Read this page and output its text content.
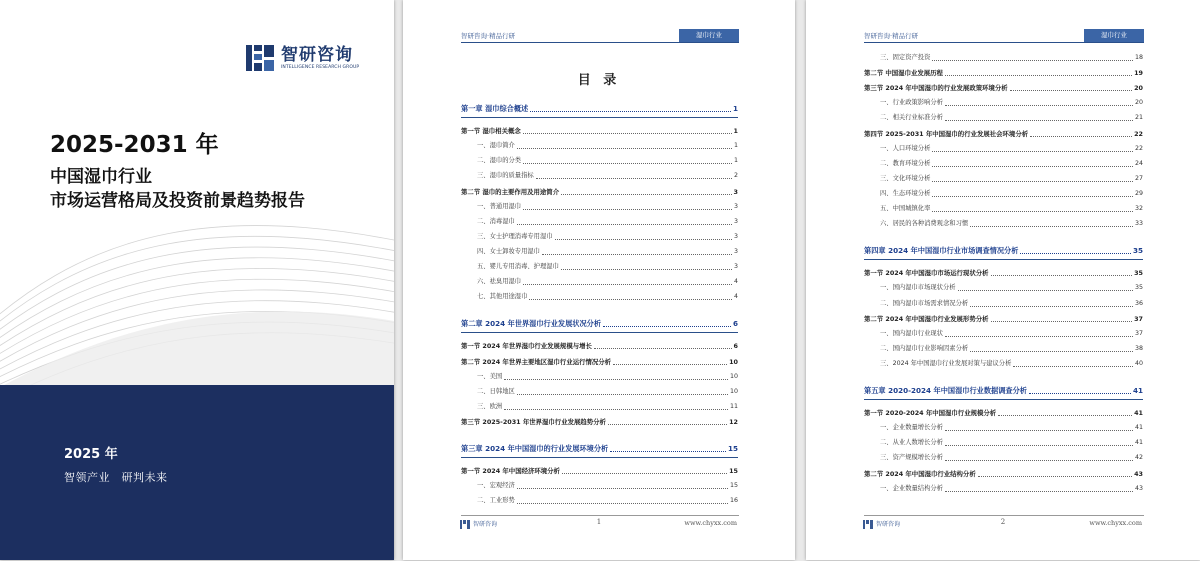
智研咨询
INTELLIGENCE RESEARCH GROUP
2025-2031 年
中国湿巾行业
市场运营格局及投资前景趋势报告
2025 年
智领产业　研判未来
智研咨询·精品行研	湿巾行业
目 录
第一章 湿巾综合概述	1
第一节 湿巾相关概念	1
一、湿巾简介	1
二、湿巾的分类	1
三、湿巾的质量指标	2
第二节 湿巾的主要作用及用途简介	3
一、普通用湿巾	3
二、消毒湿巾	3
三、女士护理消毒专用湿巾	3
四、女士卸妆专用湿巾	3
五、婴儿专用消毒、护理湿巾	3
六、祛臭用湿巾	4
七、其他用途湿巾	4
第二章 2024 年世界湿巾行业发展状况分析	6
第一节 2024 年世界湿巾行业发展规模与增长	6
第二节 2024 年世界主要地区湿巾行业运行情况分析	10
一、美国	10
二、日韩地区	10
三、欧洲	11
第三节 2025-2031 年世界湿巾行业发展趋势分析	12
第三章 2024 年中国湿巾的行业发展环境分析	15
第一节 2024 年中国经济环境分析	15
一、宏观经济	15
二、工业形势	16
智研咨询	1	www.chyxx.com
智研咨询·精品行研	湿巾行业
三、固定资产投资	18
第二节 中国湿巾业发展历程	19
第三节 2024 年中国湿巾的行业发展政策环境分析	20
一、行业政策影响分析	20
二、相关行业标准分析	21
第四节 2025-2031 年中国湿巾的行业发展社会环境分析	22
一、人口环境分析	22
二、教育环境分析	24
三、文化环境分析	27
四、生态环境分析	29
五、中国城镇化率	32
六、居民的各种消费观念和习惯	33
第四章 2024 年中国湿巾行业市场调查情况分析	35
第一节 2024 年中国湿巾市场运行现状分析	35
一、国内湿巾市场现状分析	35
二、国内湿巾市场需求情况分析	36
第二节 2024 年中国湿巾行业发展形势分析	37
一、国内湿巾行业现状	37
二、国内湿巾行业影响因素分析	38
三、2024 年中国湿巾行业发展对策与建议分析	40
第五章 2020-2024 年中国湿巾行业数据调查分析	41
第一节 2020-2024 年中国湿巾行业规模分析	41
一、企业数量增长分析	41
二、从业人数增长分析	41
三、资产规模增长分析	42
第二节 2024 年中国湿巾行业结构分析	43
一、企业数量结构分析	43
智研咨询	2	www.chyxx.com
